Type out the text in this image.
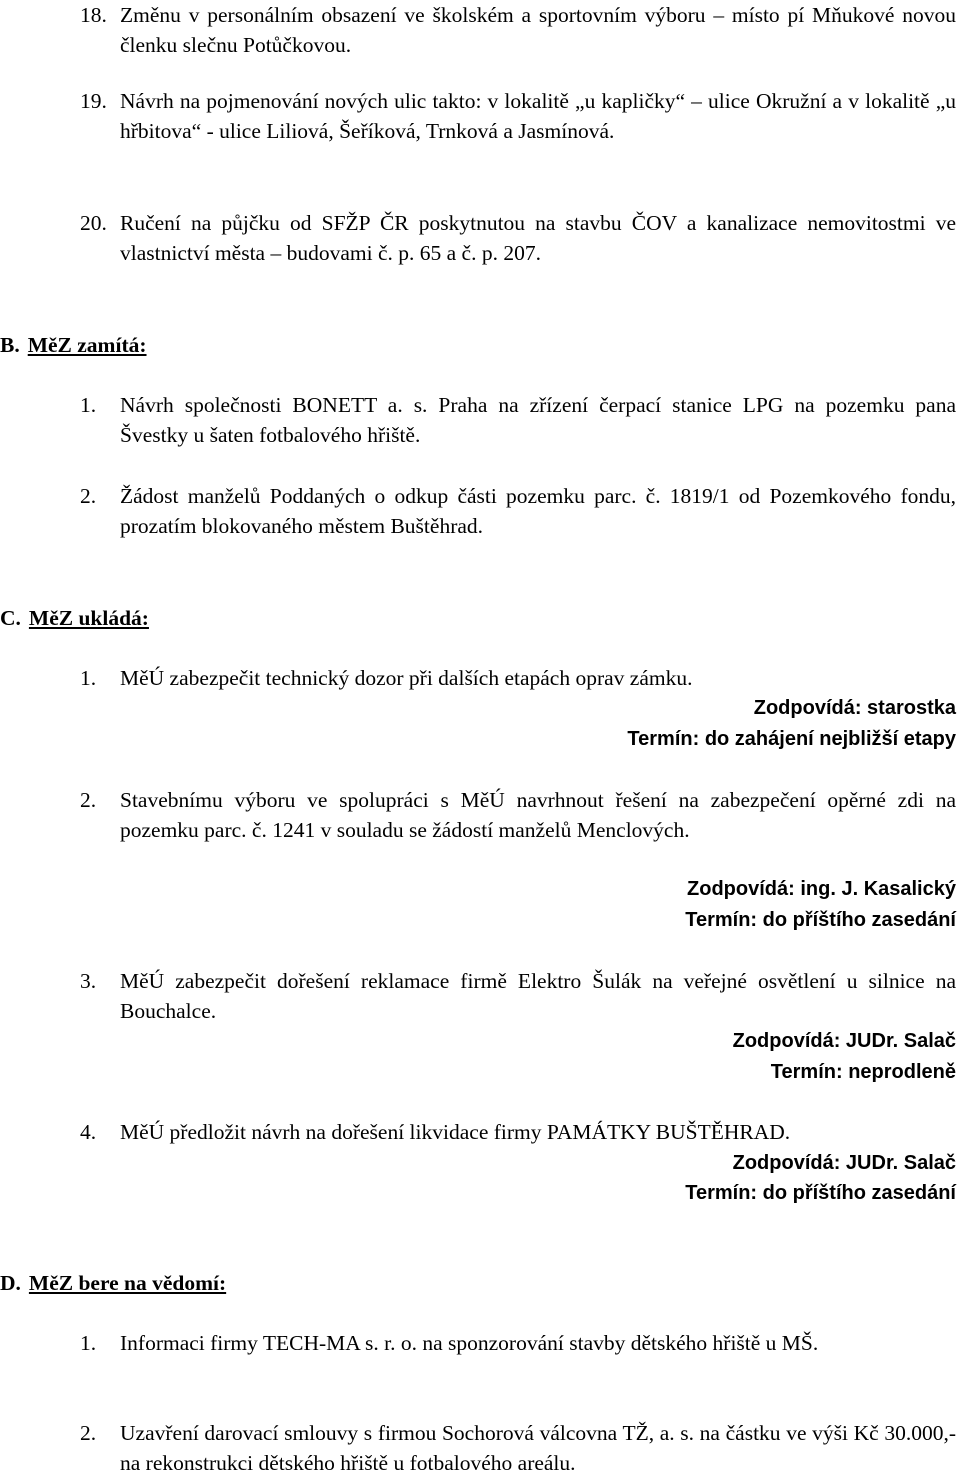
18. Změnu v personálním obsazení ve školském a sportovním výboru – místo pí Mňukové novou členku slečnu Potůčkovou.
19. Návrh na pojmenování nových ulic takto: v lokalitě „u kapličky“ – ulice Okružní a v lokalitě „u hřbitova“ - ulice Liliová, Šeříková, Trnková a Jasmínová.
20. Ručení na půjčku od SFŽP ČR poskytnutou na stavbu ČOV a kanalizace nemovitostmi ve vlastnictví města – budovami č. p. 65 a č. p. 207.
B. MěZ zamítá:
1.	Návrh společnosti BONETT a. s. Praha na zřízení čerpací stanice LPG na pozemku pana Švestky u šaten fotbalového hřiště.
2.	Žádost manželů Poddaných o odkup části pozemku parc. č. 1819/1 od Pozemkového fondu, prozatím blokovaného městem Buštěhrad.
C. MěZ ukládá:
1.	MěÚ zabezpečit technický dozor při dalších etapách oprav zámku.
Zodpovídá: starostka
Termín: do zahájení nejbližší etapy
2.	Stavebnímu výboru ve spolupráci s MěÚ navrhnout řešení na zabezpečení opěrné zdi na pozemku parc. č. 1241 v souladu se žádostí manželů Menclových.
Zodpovídá: ing. J. Kasalický
Termín: do příštího zasedání
3.	MěÚ zabezpečit dořešení reklamace firmě Elektro Šulák na veřejné osvětlení u silnice na Bouchalce.
Zodpovídá: JUDr. Salač
Termín: neprodleně
4.	MěÚ předložit návrh na dořešení likvidace firmy PAMÁTKY BUŠTĚHRAD.
Zodpovídá: JUDr. Salač
Termín: do příštího zasedání
D. MěZ bere na vědomí:
1.	Informaci firmy TECH-MA s. r. o. na sponzorování stavby dětského hřiště u MŠ.
2.	Uzavření darovací smlouvy s firmou Sochorová válcovna TŽ, a. s. na částku ve výši Kč 30.000,- na rekonstrukci dětského hřiště u fotbalového areálu.
